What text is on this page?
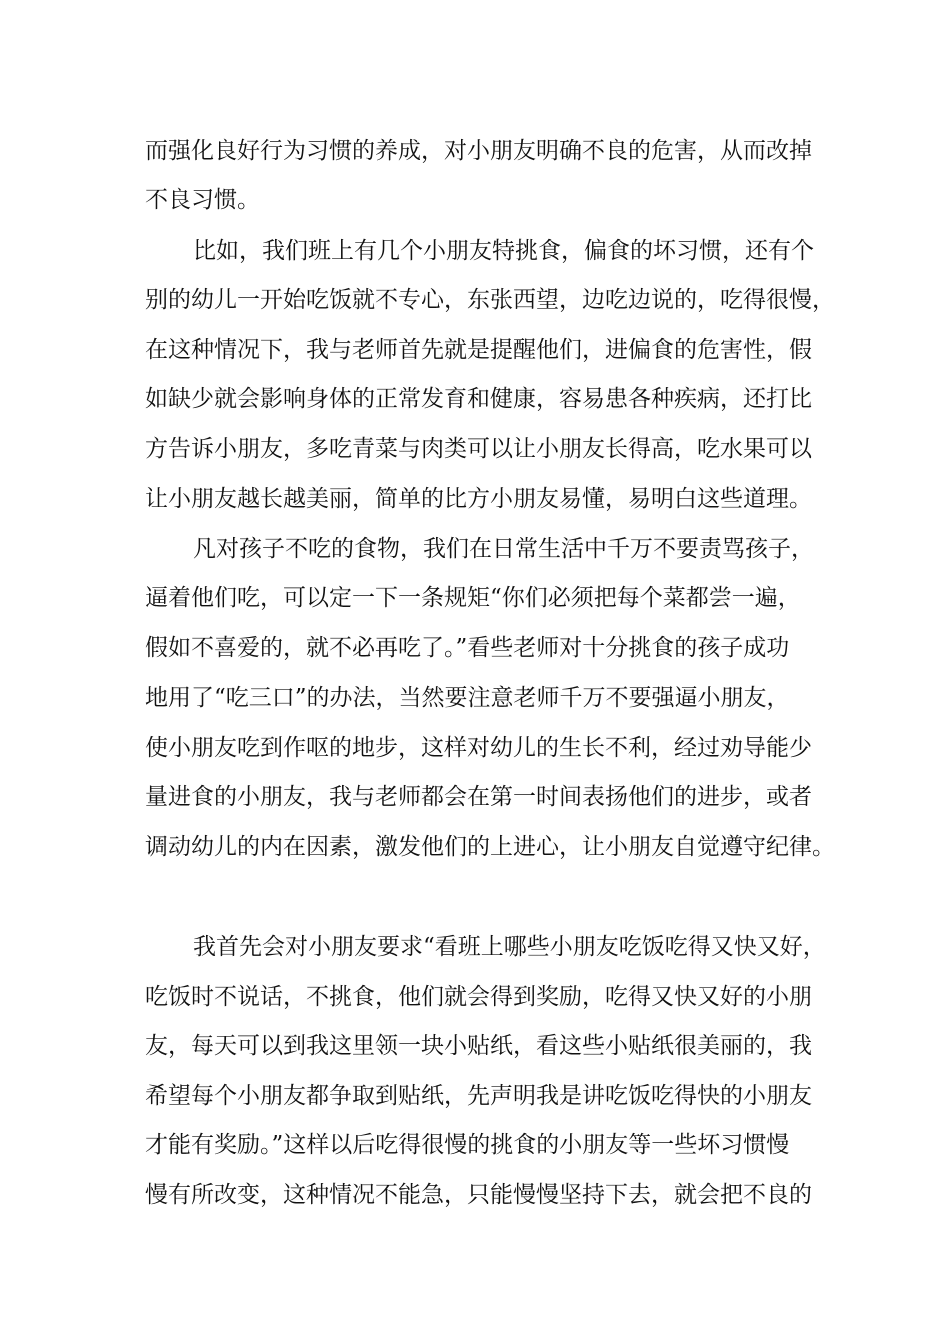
而强化良好行为习惯的养成，对小朋友明确不良的危害，从而改掉
不良习惯。
比如，我们班上有几个小朋友特挑食，偏食的坏习惯，还有个
别的幼儿一开始吃饭就不专心，东张西望，边吃边说的，吃得很慢，
在这种情况下，我与老师首先就是提醒他们，进偏食的危害性，假
如缺少就会影响身体的正常发育和健康，容易患各种疾病，还打比
方告诉小朋友，多吃青菜与肉类可以让小朋友长得高，吃水果可以
让小朋友越长越美丽，简单的比方小朋友易懂，易明白这些道理。
凡对孩子不吃的食物，我们在日常生活中千万不要责骂孩子，
逼着他们吃，可以定一下一条规矩“你们必须把每个菜都尝一遍，
假如不喜爱的，就不必再吃了。”看些老师对十分挑食的孩子成功
地用了“吃三口”的办法，当然要注意老师千万不要强逼小朋友，
使小朋友吃到作呕的地步，这样对幼儿的生长不利，经过劝导能少
量进食的小朋友，我与老师都会在第一时间表扬他们的进步，或者
调动幼儿的内在因素，激发他们的上进心，让小朋友自觉遵守纪律。
我首先会对小朋友要求“看班上哪些小朋友吃饭吃得又快又好，
吃饭时不说话，不挑食，他们就会得到奖励，吃得又快又好的小朋
友，每天可以到我这里领一块小贴纸，看这些小贴纸很美丽的，我
希望每个小朋友都争取到贴纸，先声明我是讲吃饭吃得快的小朋友
才能有奖励。”这样以后吃得很慢的挑食的小朋友等一些坏习惯慢
慢有所改变，这种情况不能急，只能慢慢坚持下去，就会把不良的
